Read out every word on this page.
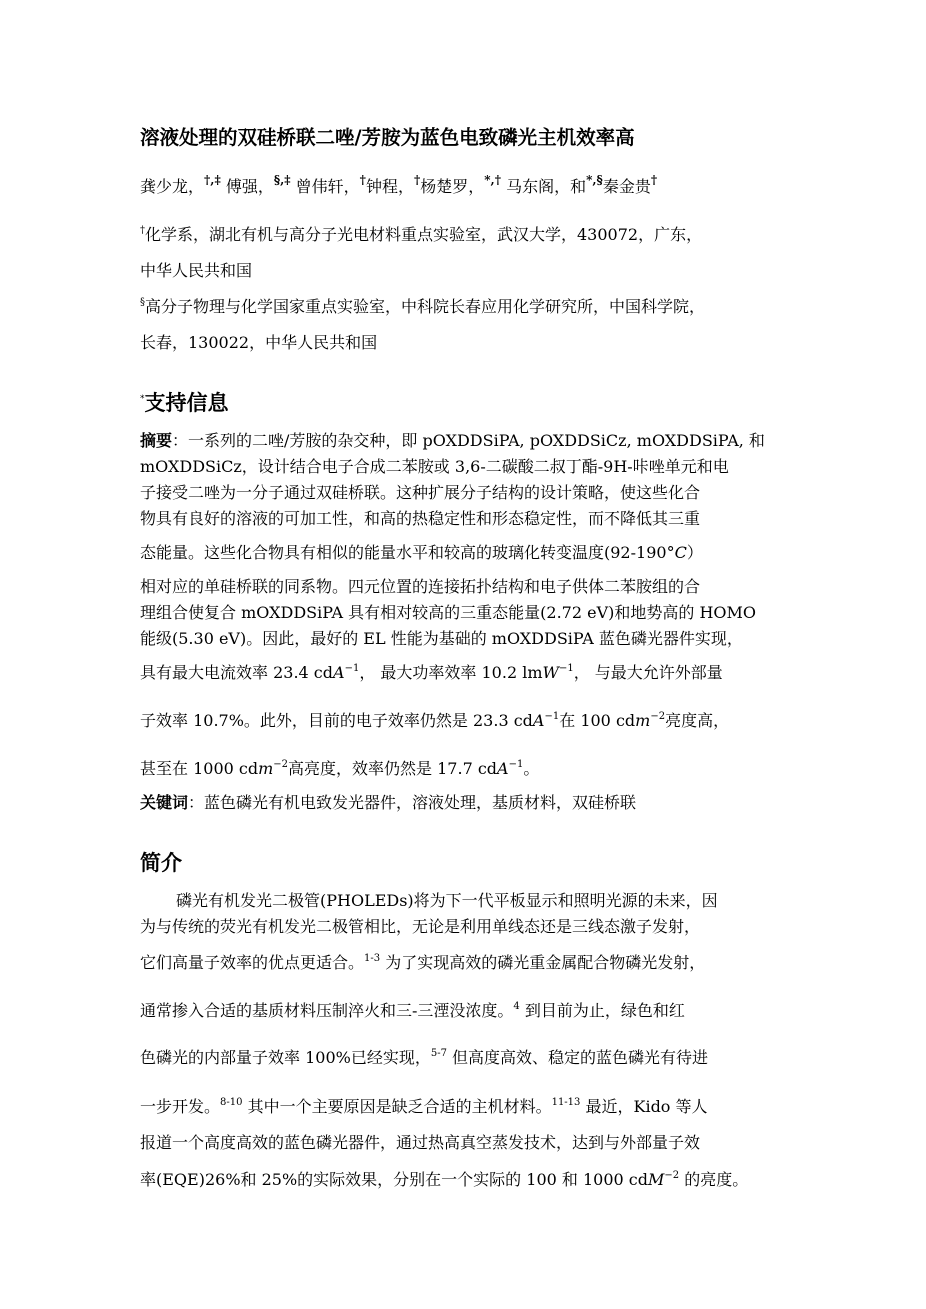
溶液处理的双硅桥联二唑/芳胺为蓝色电致磷光主机效率高
龚少龙，†,‡ 傅强，§,‡ 曾伟轩，†钟程，†杨楚罗，*,† 马东阁，和*,§秦金贵†
†化学系，湖北有机与高分子光电材料重点实验室，武汉大学，430072，广东，
中华人民共和国
§高分子物理与化学国家重点实验室，中科院长春应用化学研究所，中国科学院，
长春，130022，中华人民共和国
*支持信息
摘要：一系列的二唑/芳胺的杂交种，即 pOXDDSiPA, pOXDDSiCz, mOXDDSiPA, 和
mOXDDSiCz，设计结合电子合成二苯胺或 3,6-二碳酸二叔丁酯-9H-咔唑单元和电
子接受二唑为一分子通过双硅桥联。这种扩展分子结构的设计策略，使这些化合
物具有良好的溶液的可加工性，和高的热稳定性和形态稳定性，而不降低其三重
态能量。这些化合物具有相似的能量水平和较高的玻璃化转变温度(92-190°C）
相对应的单硅桥联的同系物。四元位置的连接拓扑结构和电子供体二苯胺组的合
理组合使复合 mOXDDSiPA 具有相对较高的三重态能量(2.72 eV)和地势高的 HOMO
能级(5.30 eV)。因此，最好的 EL 性能为基础的 mOXDDSiPA 蓝色磷光器件实现，
具有最大电流效率 23.4 cdA$^{-1}$， 最大功率效率 10.2 lmW$^{-1}$， 与最大允许外部量
子效率 10.7%。此外，目前的电子效率仍然是 23.3 cdA$^{-1}$在 100 cdm$^{-2}$亮度高，
甚至在 1000 cdm$^{-2}$高亮度，效率仍然是 17.7 cdA$^{-1}$。
关键词：蓝色磷光有机电致发光器件，溶液处理，基质材料，双硅桥联
简介
磷光有机发光二极管(PHOLEDs)将为下一代平板显示和照明光源的未来，因
为与传统的荧光有机发光二极管相比，无论是利用单线态还是三线态激子发射，
它们高量子效率的优点更适合。$^{1-3}$ 为了实现高效的磷光重金属配合物磷光发射，
通常掺入合适的基质材料压制淬火和三-三湮没浓度。$^4$ 到目前为止，绿色和红
色磷光的内部量子效率 100%已经实现，$^{5-7}$ 但高度高效、稳定的蓝色磷光有待进
一步开发。$^{8-10}$ 其中一个主要原因是缺乏合适的主机材料。$^{11-13}$ 最近，Kido 等人
报道一个高度高效的蓝色磷光器件，通过热高真空蒸发技术，达到与外部量子效
率(EQE)26%和 25%的实际效果，分别在一个实际的 100 和 1000 cdM$^{-2}$ 的亮度。
